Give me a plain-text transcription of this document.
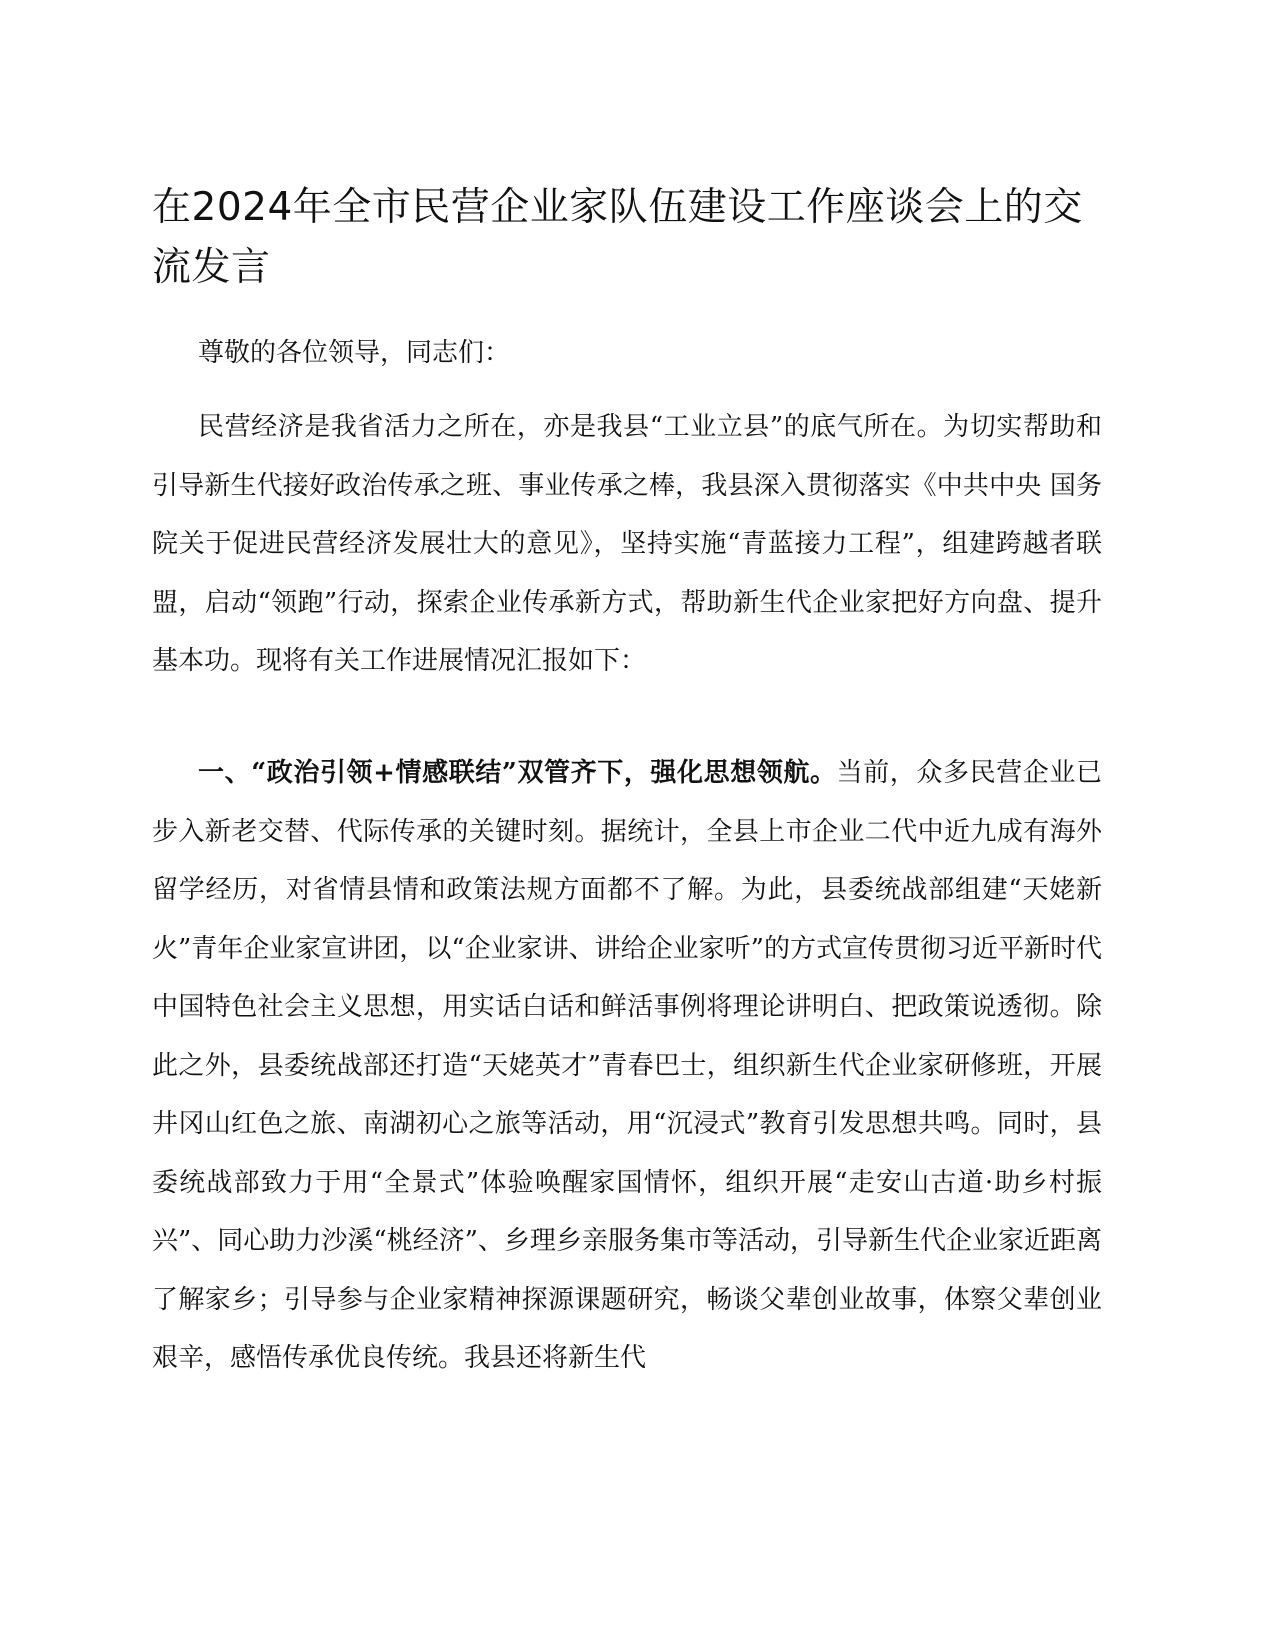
在2024年全市民营企业家队伍建设工作座谈会上的交流发言

尊敬的各位领导，同志们：

民营经济是我省活力之所在，亦是我县“工业立县”的底气所在。为切实帮助和引导新生代接好政治传承之班、事业传承之棒，我县深入贯彻落实《中共中央 国务院关于促进民营经济发展壮大的意见》，坚持实施“青蓝接力工程”，组建跨越者联盟，启动“领跑”行动，探索企业传承新方式，帮助新生代企业家把好方向盘、提升基本功。现将有关工作进展情况汇报如下：

一、“政治引领+情感联结”双管齐下，强化思想领航。当前，众多民营企业已步入新老交替、代际传承的关键时刻。据统计，全县上市企业二代中近九成有海外留学经历，对省情县情和政策法规方面都不了解。为此，县委统战部组建“天姥新火”青年企业家宣讲团，以“企业家讲、讲给企业家听”的方式宣传贯彻习近平新时代中国特色社会主义思想，用实话白话和鲜活事例将理论讲明白、把政策说透彻。除此之外，县委统战部还打造“天姥英才”青春巴士，组织新生代企业家研修班，开展井冈山红色之旅、南湖初心之旅等活动，用“沉浸式”教育引发思想共鸣。同时，县委统战部致力于用“全景式”体验唤醒家国情怀，组织开展“走安山古道·助乡村振兴”、同心助力沙溪“桃经济”、乡理乡亲服务集市等活动，引导新生代企业家近距离了解家乡；引导参与企业家精神探源课题研究，畅谈父辈创业故事，体察父辈创业艰辛，感悟传承优良传统。我县还将新生代
